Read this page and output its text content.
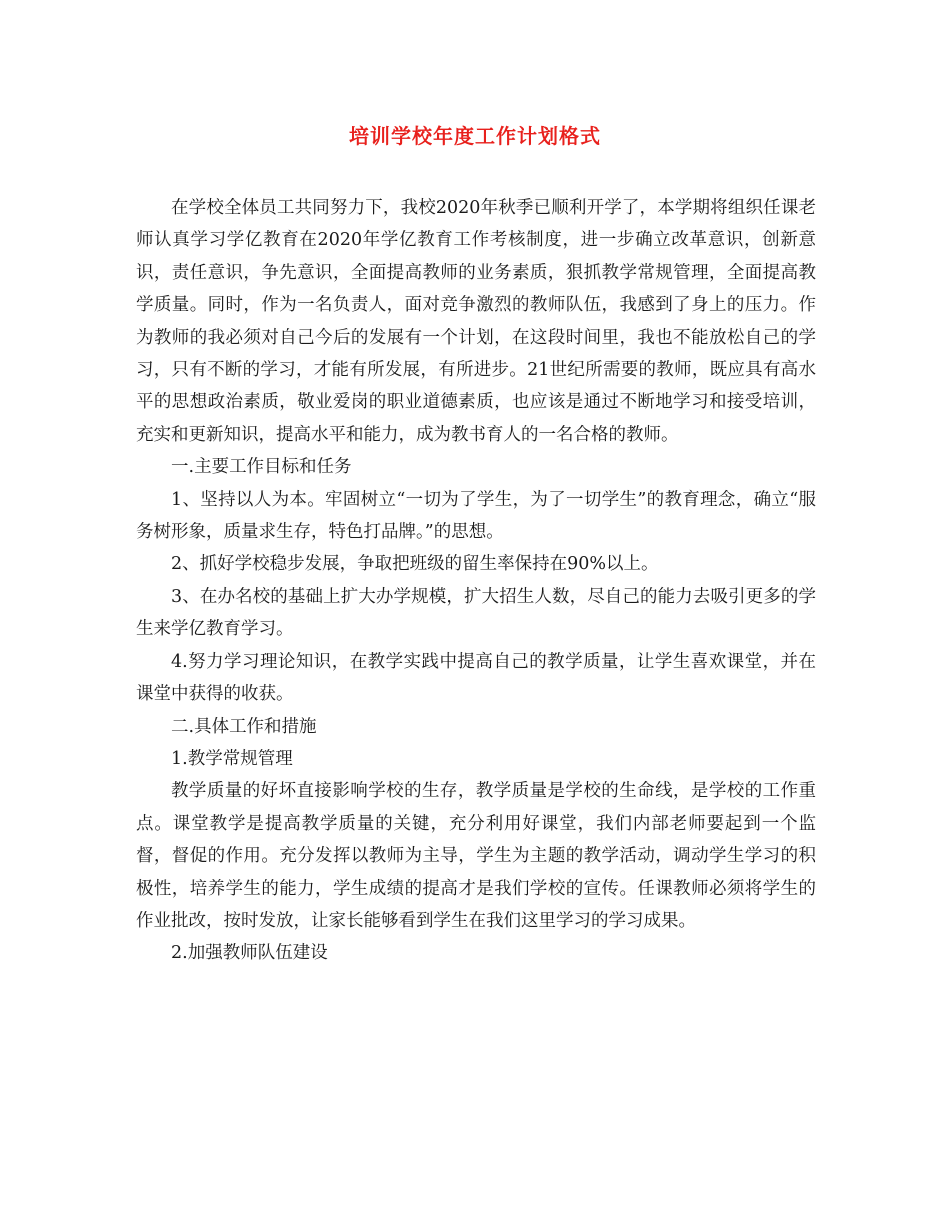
培训学校年度工作计划格式

在学校全体员工共同努力下，我校2020年秋季已顺利开学了，本学期将组织任课老师认真学习学亿教育在2020年学亿教育工作考核制度，进一步确立改革意识，创新意识，责任意识，争先意识，全面提高教师的业务素质，狠抓教学常规管理，全面提高教学质量。同时，作为一名负责人，面对竞争激烈的教师队伍，我感到了身上的压力。作为教师的我必须对自己今后的发展有一个计划，在这段时间里，我也不能放松自己的学习，只有不断的学习，才能有所发展，有所进步。21世纪所需要的教师，既应具有高水平的思想政治素质，敬业爱岗的职业道德素质，也应该是通过不断地学习和接受培训，充实和更新知识，提高水平和能力，成为教书育人的一名合格的教师。

一.主要工作目标和任务

1、坚持以人为本。牢固树立“一切为了学生，为了一切学生”的教育理念，确立“服务树形象，质量求生存，特色打品牌。”的思想。

2、抓好学校稳步发展，争取把班级的留生率保持在90%以上。

3、在办名校的基础上扩大办学规模，扩大招生人数，尽自己的能力去吸引更多的学生来学亿教育学习。

4.努力学习理论知识，在教学实践中提高自己的教学质量，让学生喜欢课堂，并在课堂中获得的收获。

二.具体工作和措施

1.教学常规管理

教学质量的好坏直接影响学校的生存，教学质量是学校的生命线，是学校的工作重点。课堂教学是提高教学质量的关键，充分利用好课堂，我们内部老师要起到一个监督，督促的作用。充分发挥以教师为主导，学生为主题的教学活动，调动学生学习的积极性，培养学生的能力，学生成绩的提高才是我们学校的宣传。任课教师必须将学生的作业批改，按时发放，让家长能够看到学生在我们这里学习的学习成果。

2.加强教师队伍建设
